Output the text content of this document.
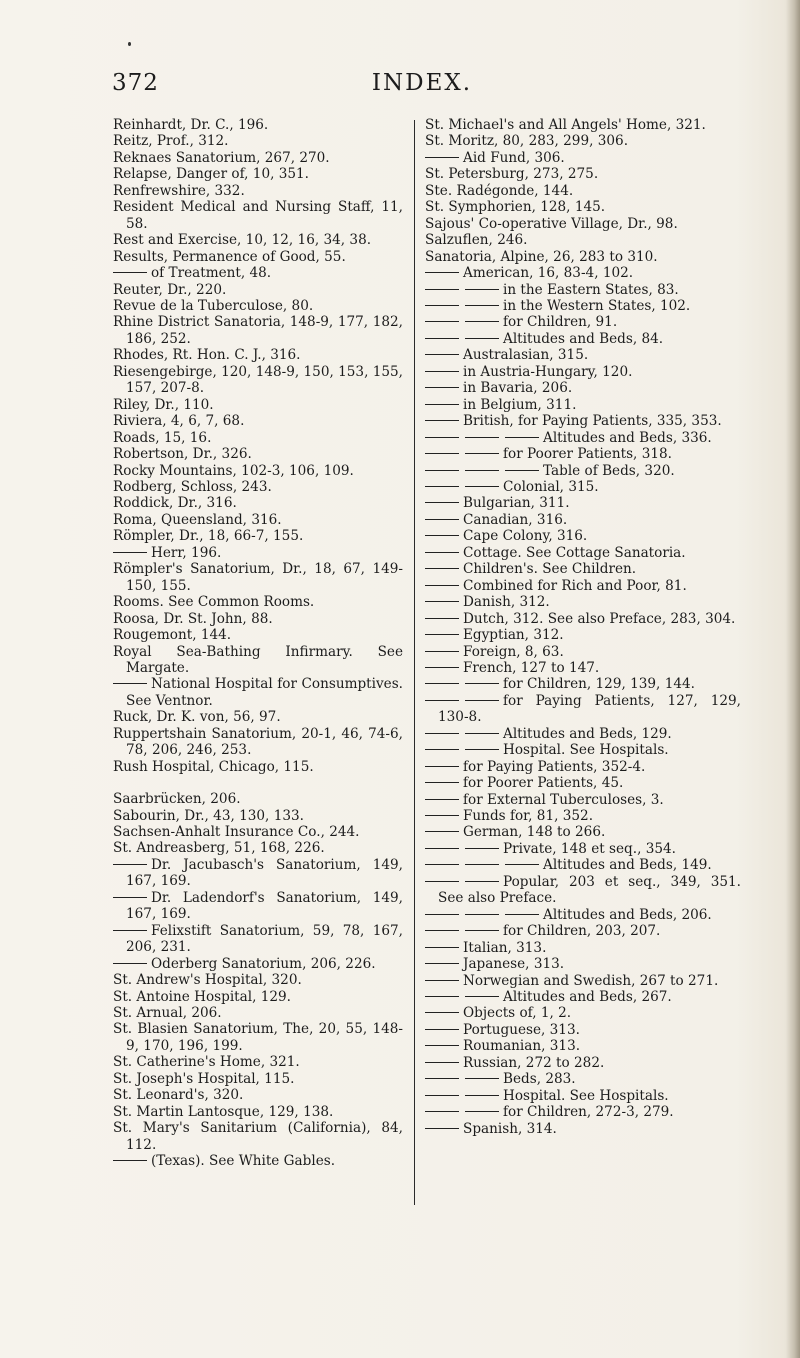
372	INDEX.
Reinhardt, Dr. C., 196.
Reitz, Prof., 312.
Reknaes Sanatorium, 267, 270.
Relapse, Danger of, 10, 351.
Renfrewshire, 332.
Resident Medical and Nursing Staff, 11, 58.
Rest and Exercise, 10, 12, 16, 34, 38.
Results, Permanence of Good, 55.
of Treatment, 48.
Reuter, Dr., 220.
Revue de la Tuberculose, 80.
Rhine District Sanatoria, 148-9, 177, 182, 186, 252.
Rhodes, Rt. Hon. C. J., 316.
Riesengebirge, 120, 148-9, 150, 153, 155, 157, 207-8.
Riley, Dr., 110.
Riviera, 4, 6, 7, 68.
Roads, 15, 16.
Robertson, Dr., 326.
Rocky Mountains, 102-3, 106, 109.
Rodberg, Schloss, 243.
Roddick, Dr., 316.
Roma, Queensland, 316.
Römpler, Dr., 18, 66-7, 155.
Herr, 196.
Römpler's Sanatorium, Dr., 18, 67, 149-150, 155.
Rooms. See Common Rooms.
Roosa, Dr. St. John, 88.
Rougemont, 144.
Royal Sea-Bathing Infirmary. See Margate.
National Hospital for Consumptives. See Ventnor.
Ruck, Dr. K. von, 56, 97.
Ruppertshain Sanatorium, 20-1, 46, 74-6, 78, 206, 246, 253.
Rush Hospital, Chicago, 115.
Saarbrücken, 206.
Sabourin, Dr., 43, 130, 133.
Sachsen-Anhalt Insurance Co., 244.
St. Andreasberg, 51, 168, 226.
Dr. Jacubasch's Sanatorium, 149, 167, 169.
Dr. Ladendorf's Sanatorium, 149, 167, 169.
Felixstift Sanatorium, 59, 78, 167, 206, 231.
Oderberg Sanatorium, 206, 226.
St. Andrew's Hospital, 320.
St. Antoine Hospital, 129.
St. Arnual, 206.
St. Blasien Sanatorium, The, 20, 55, 148-9, 170, 196, 199.
St. Catherine's Home, 321.
St. Joseph's Hospital, 115.
St. Leonard's, 320.
St. Martin Lantosque, 129, 138.
St. Mary's Sanitarium (California), 84, 112.
(Texas). See White Gables.
St. Michael's and All Angels' Home, 321.
St. Moritz, 80, 283, 299, 306.
Aid Fund, 306.
St. Petersburg, 273, 275.
Ste. Radégonde, 144.
St. Symphorien, 128, 145.
Sajous' Co-operative Village, Dr., 98.
Salzuflen, 246.
Sanatoria, Alpine, 26, 283 to 310.
American, 16, 83-4, 102.
in the Eastern States, 83.
in the Western States, 102.
for Children, 91.
Altitudes and Beds, 84.
Australasian, 315.
in Austria-Hungary, 120.
in Bavaria, 206.
in Belgium, 311.
British, for Paying Patients, 335, 353.
Altitudes and Beds, 336.
for Poorer Patients, 318.
Table of Beds, 320.
Colonial, 315.
Bulgarian, 311.
Canadian, 316.
Cape Colony, 316.
Cottage. See Cottage Sanatoria.
Children's. See Children.
Combined for Rich and Poor, 81.
Danish, 312.
Dutch, 312. See also Preface, 283, 304.
Egyptian, 312.
Foreign, 8, 63.
French, 127 to 147.
for Children, 129, 139, 144.
for Paying Patients, 127, 129, 130-8.
Altitudes and Beds, 129.
Hospital. See Hospitals.
for Paying Patients, 352-4.
for Poorer Patients, 45.
for External Tuberculoses, 3.
Funds for, 81, 352.
German, 148 to 266.
Private, 148 et seq., 354.
Altitudes and Beds, 149.
Popular, 203 et seq., 349, 351. See also Preface.
Altitudes and Beds, 206.
for Children, 203, 207.
Italian, 313.
Japanese, 313.
Norwegian and Swedish, 267 to 271.
Altitudes and Beds, 267.
Objects of, 1, 2.
Portuguese, 313.
Roumanian, 313.
Russian, 272 to 282.
Beds, 283.
Hospital. See Hospitals.
for Children, 272-3, 279.
Spanish, 314.
